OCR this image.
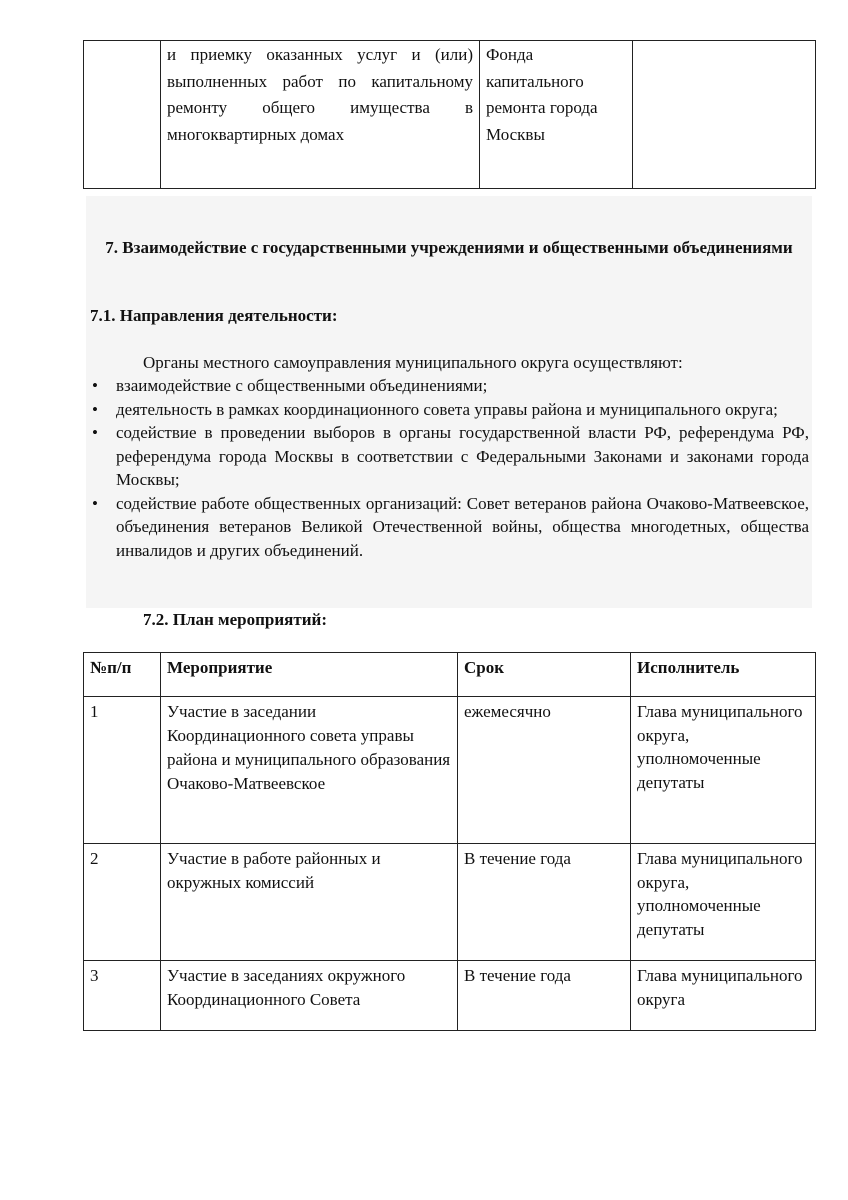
	и приемку оказанных услуг и (или) выполненных работ по капитальному ремонту общего имущества в многоквартирных домах	Фонда капитального ремонта города Москвы	
7. Взаимодействие с государственными учреждениями и общественными объединениями
7.1. Направления деятельности:
Органы местного самоуправления муниципального округа осуществляют:
• взаимодействие с общественными объединениями;
• деятельность в рамках координационного совета управы района и муниципального округа;
• содействие в проведении выборов в органы государственной власти РФ, референдума РФ, референдума города Москвы в соответствии с Федеральными Законами и законами города Москвы;
• содействие работе общественных организаций: Совет ветеранов района Очаково-Матвеевское, объединения ветеранов Великой Отечественной войны, общества многодетных, общества инвалидов и других объединений.
7.2. План мероприятий:
№п/п	Мероприятие	Срок	Исполнитель
1	Участие в заседании Координационного совета управы района и муниципального образования Очаково-Матвеевское	ежемесячно	Глава муниципального округа, уполномоченные депутаты
2	Участие в работе районных и окружных комиссий	В течение года	Глава муниципального округа, уполномоченные депутаты
3	Участие в заседаниях окружного Координационного Совета	В течение года	Глава муниципального округа
